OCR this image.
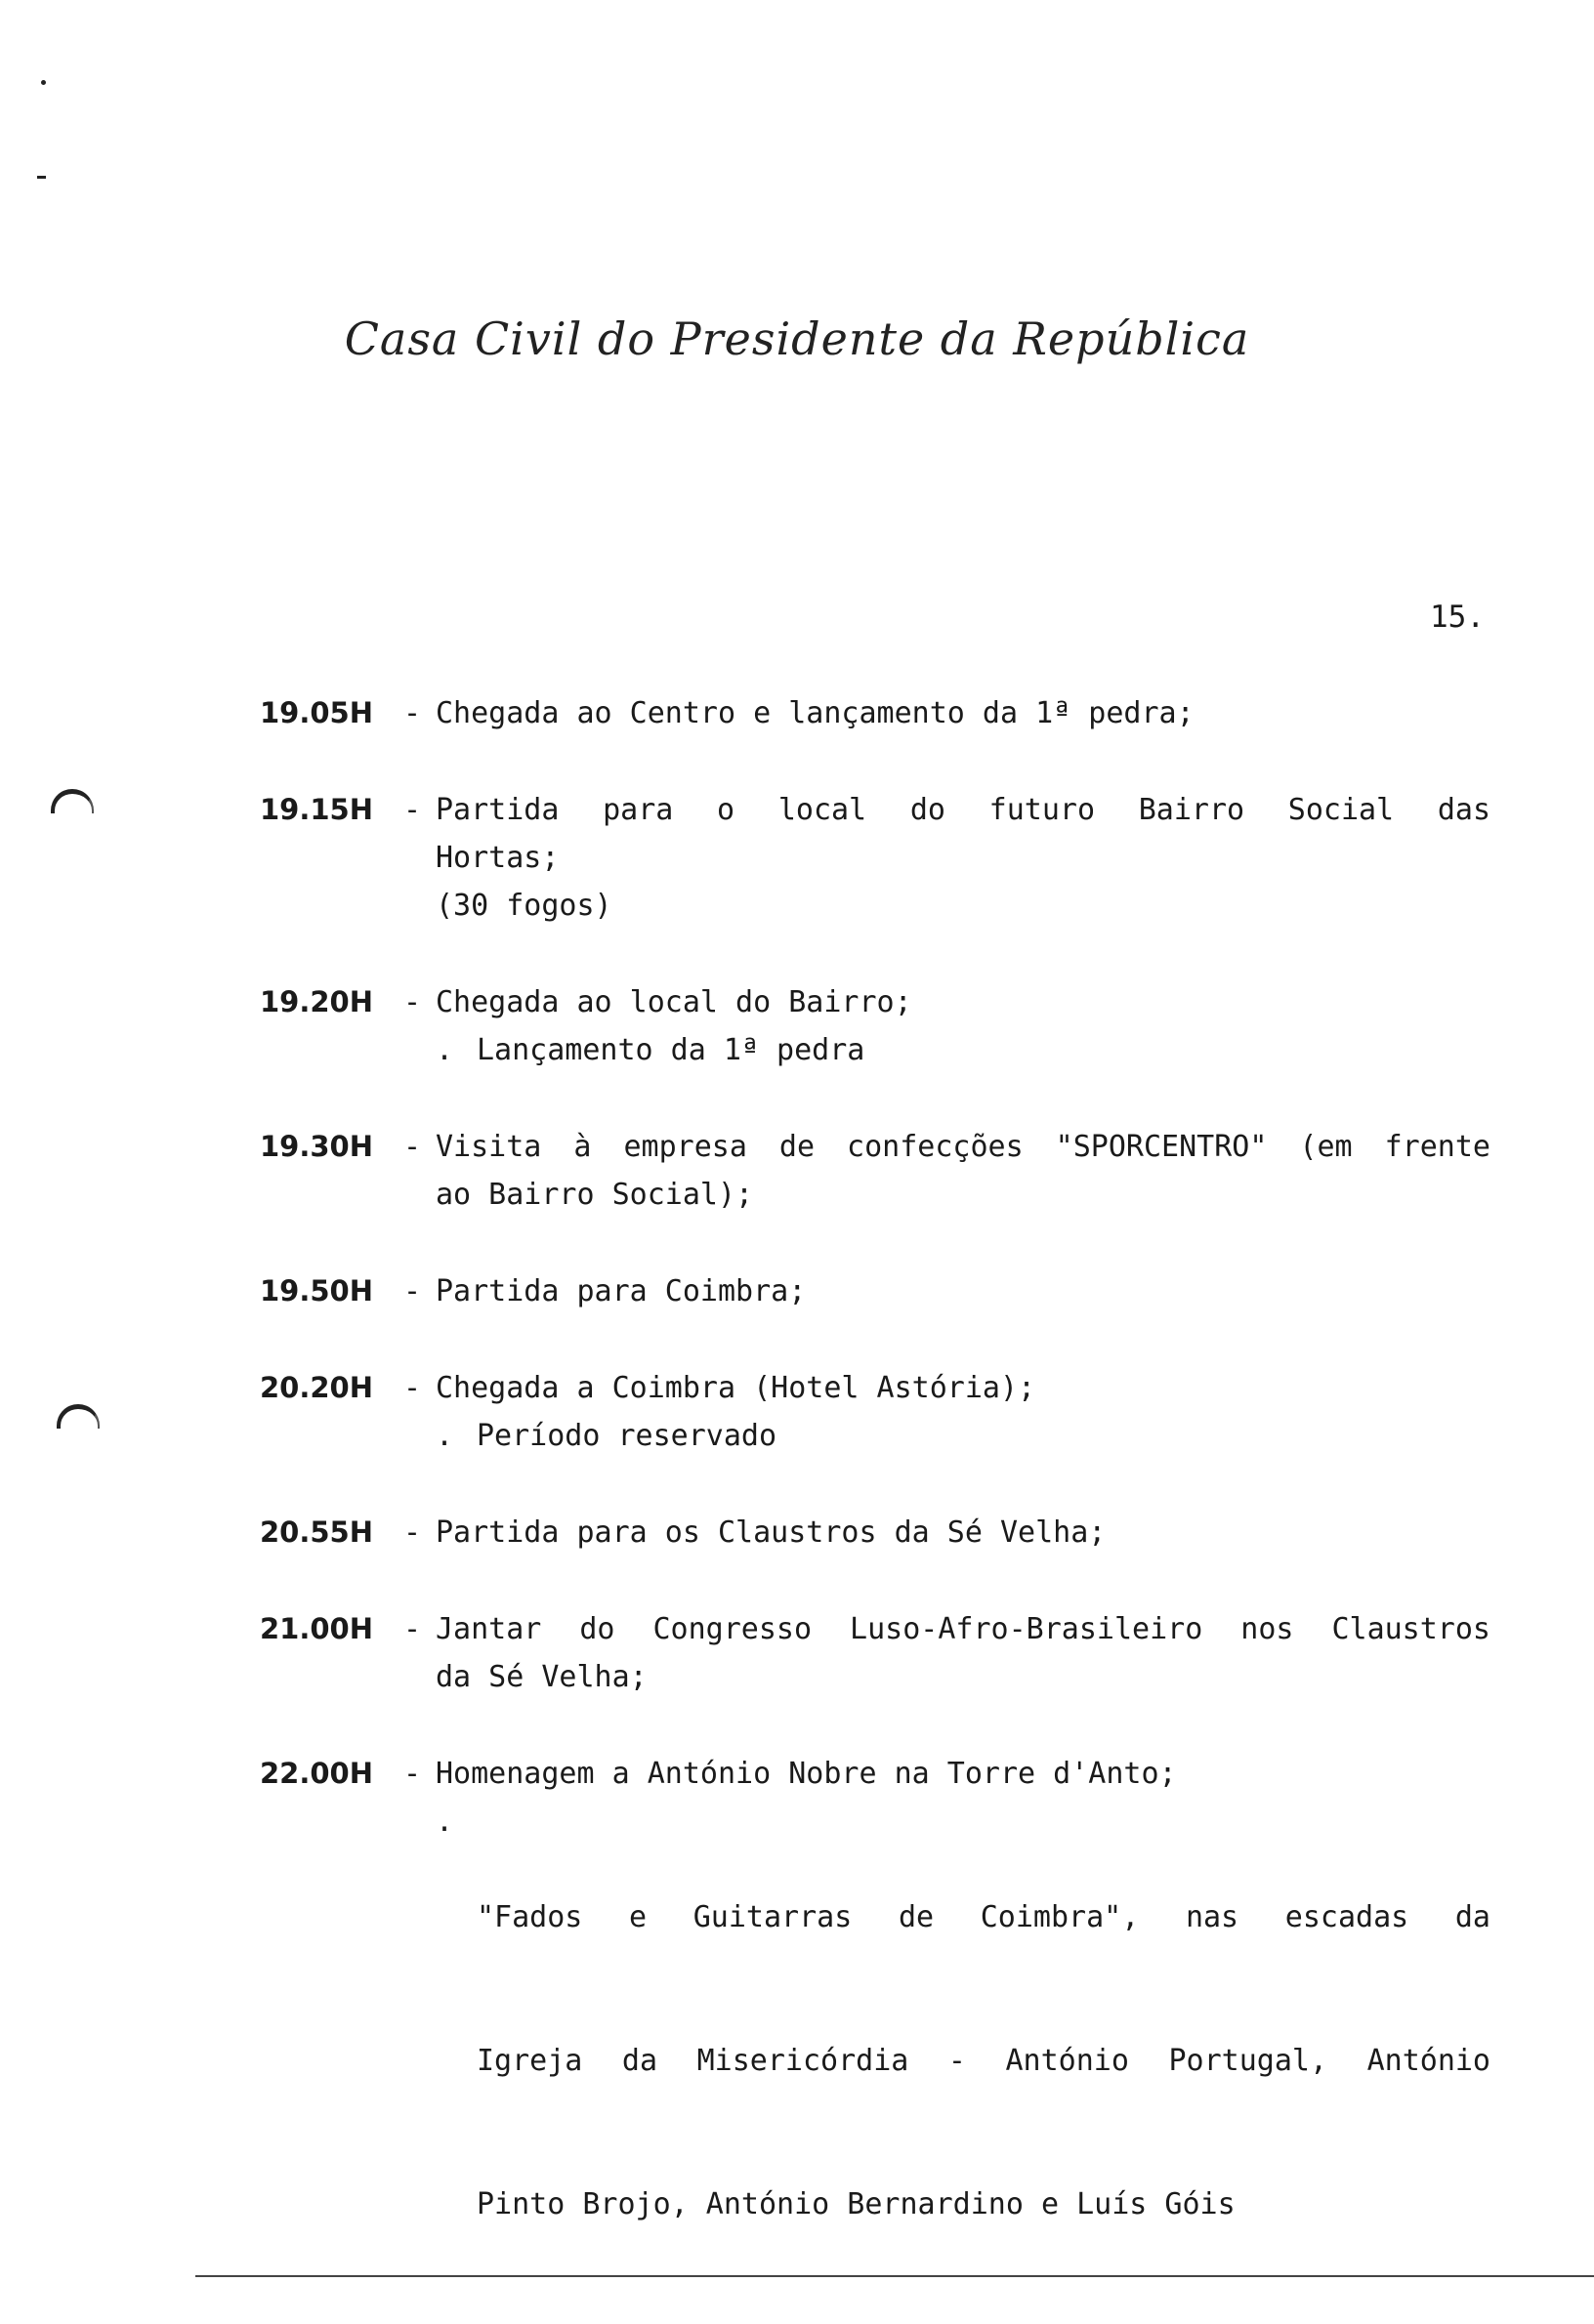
Casa Civil do Presidente da República
15.
19.05H	- Chegada ao Centro e lançamento da 1ª pedra;
19.15H	- Partida para o local do futuro Bairro Social das
Hortas;
(30 fogos)
19.20H	- Chegada ao local do Bairro;
. Lançamento da 1ª pedra
19.30H	- Visita à empresa de confecções "SPORCENTRO" (em frente
ao Bairro Social);
19.50H	- Partida para Coimbra;
20.20H	- Chegada a Coimbra (Hotel Astória);
. Período reservado
20.55H	- Partida para os Claustros da Sé Velha;
21.00H	- Jantar do Congresso Luso-Afro-Brasileiro nos Claustros
da Sé Velha;
22.00H	- Homenagem a António Nobre na Torre d'Anto;
.

"Fados e Guitarras de Coimbra", nas escadas da

Igreja da Misericórdia - António Portugal, António

Pinto Brojo, António Bernardino e Luís Góis
